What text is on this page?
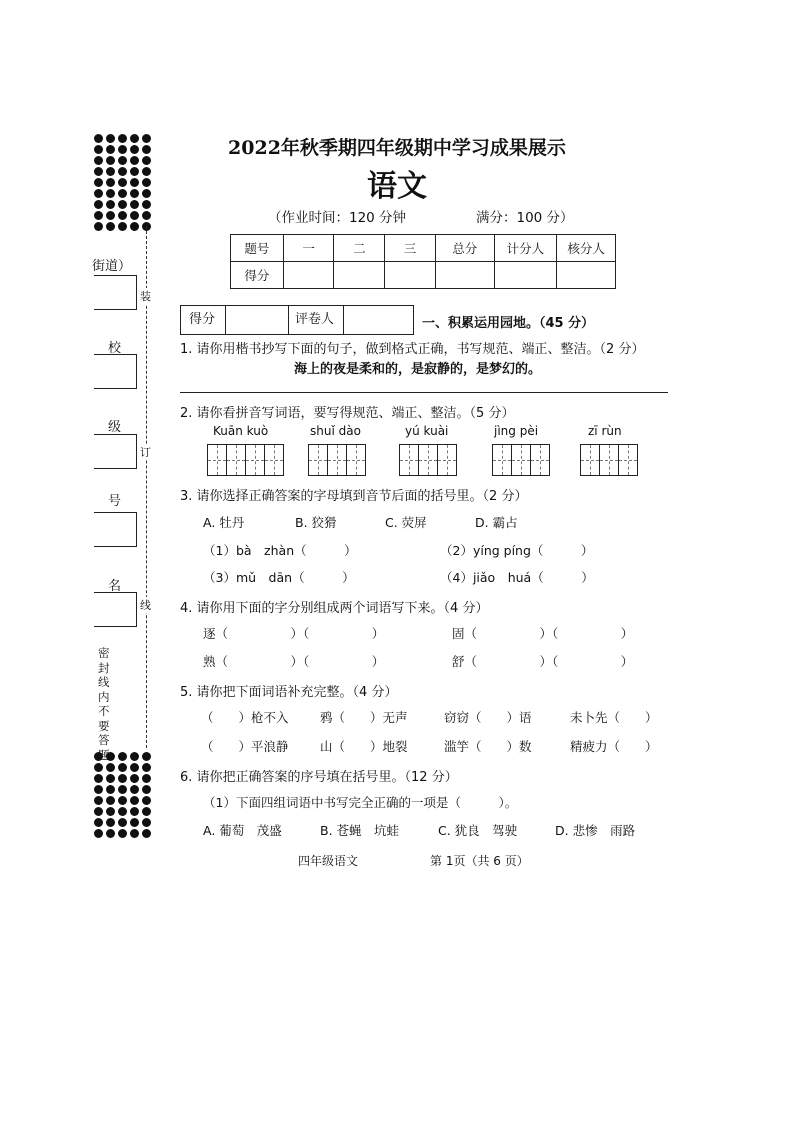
街道）
校
级
号
名
装
订
线
密封线内不要答题
2022年秋季期四年级期中学习成果展示
语文
（作业时间：120 分钟	满分：100 分）
题号	一	二	三	总分	计分人	核分人
得分						
得分	评卷人	一、积累运用园地。（45 分）
1. 请你用楷书抄写下面的句子，做到格式正确，书写规范、端正、整洁。（2 分）
海上的夜是柔和的，是寂静的，是梦幻的。
2. 请你看拼音写词语，要写得规范、端正、整洁。（5 分）
Kuān kuò	shuǐ dào	yú kuài	jìng pèi	zī rùn
3. 请你选择正确答案的字母填到音节后面的括号里。（2 分）
A. 牡丹	B. 狡猾	C. 荧屏	D. 霸占
（1）bà　zhàn（　　　）	（2）yíng píng（　　　）
（3）mǔ　dān（　　　）	（4）jiǎo　huá（　　　）
4. 请你用下面的字分别组成两个词语写下来。（4 分）
逐（　　　　　）（　　　　　）	固（　　　　　）（　　　　　）
熟（　　　　　）（　　　　　）	舒（　　　　　）（　　　　　）
5. 请你把下面词语补充完整。（4 分）
（　　）枪不入	鸦（　　）无声	窃窃（　　）语	未卜先（　　）
（　　）平浪静	山（　　）地裂	滥竽（　　）数	精疲力（　　）
6. 请你把正确答案的序号填在括号里。（12 分）
（1）下面四组词语中书写完全正确的一项是（　　　）。
A. 葡萄　茂盛	B. 苍蝇　坑蛙	C. 犹良　驾驶	D. 悲惨　雨路
四年级语文	第 1页（共 6 页）
